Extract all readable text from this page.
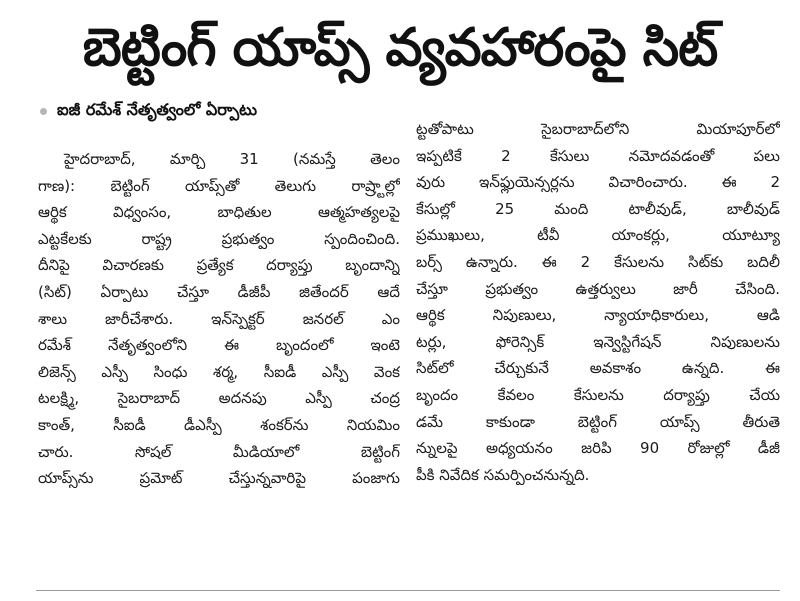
బెట్టింగ్ యాప్స్ వ్యవహారంపై సిట్
ఐజీ రమేశ్ నేతృత్వంలో ఏర్పాటు
హైదరాబాద్, మార్చి 31 (నమస్తే తెలం
గాణ): బెట్టింగ్ యాప్స్‌తో తెలుగు రాష్ర్టాల్లో
ఆర్థిక విధ్వంసం, బాధితుల ఆత్మహత్యలపై
ఎట్టకేలకు రాష్ట్ర ప్రభుత్వం స్పందించింది.
దీనిపై విచారణకు ప్రత్యేక దర్యాప్తు బృందాన్ని
(సిట్) ఏర్పాటు చేస్తూ డీజీపీ జితేందర్ ఆదే
శాలు జారీచేశారు. ఇన్‌స్పెక్టర్ జనరల్ ఎం
రమేశ్ నేతృత్వంలోని ఈ బృందంలో ఇంటె
లిజెన్స్ ఎస్పీ సింధు శర్మ, సీఐడీ ఎస్పీ వెంక
టలక్ష్మి, సైబరాబాద్ అదనపు ఎస్పీ చంద్ర
కాంత్, సీఐడీ డీఎస్పీ శంకర్‌ను నియమిం
చారు. సోషల్ మీడియాలో బెట్టింగ్
యాప్స్‌ను ప్రమోట్ చేస్తున్నవారిపై పంజాగు
ట్టతోపాటు సైబరాబాద్‌లోని మియాపూర్‌లో
ఇప్పటికే 2 కేసులు నమోదవడంతో పలు
వురు ఇన్‌ఫ్లుయెన్సర్లను విచారించారు. ఈ 2
కేసుల్లో 25 మంది టాలీవుడ్, బాలీవుడ్
ప్రముఖులు, టీవీ యాంకర్లు, యూట్యూ
బర్స్ ఉన్నారు. ఈ 2 కేసులను సిట్‌కు బదిలీ
చేస్తూ ప్రభుత్వం ఉత్తర్వులు జారీ చేసింది.
ఆర్థిక నిపుణులు, న్యాయాధికారులు, ఆడి
టర్లు, ఫోరెన్సిక్ ఇన్వెస్టిగేషన్ నిపుణులను
సిట్‌లో చేర్చుకునే అవకాశం ఉన్నది. ఈ
బృందం కేవలం కేసులను దర్యాప్తు చేయ
డమే కాకుండా బెట్టింగ్ యాప్స్ తీరుతె
న్నులపై అధ్యయనం జరిపి 90 రోజుల్లో డీజీ
పీకి నివేదిక సమర్పించనున్నది.
